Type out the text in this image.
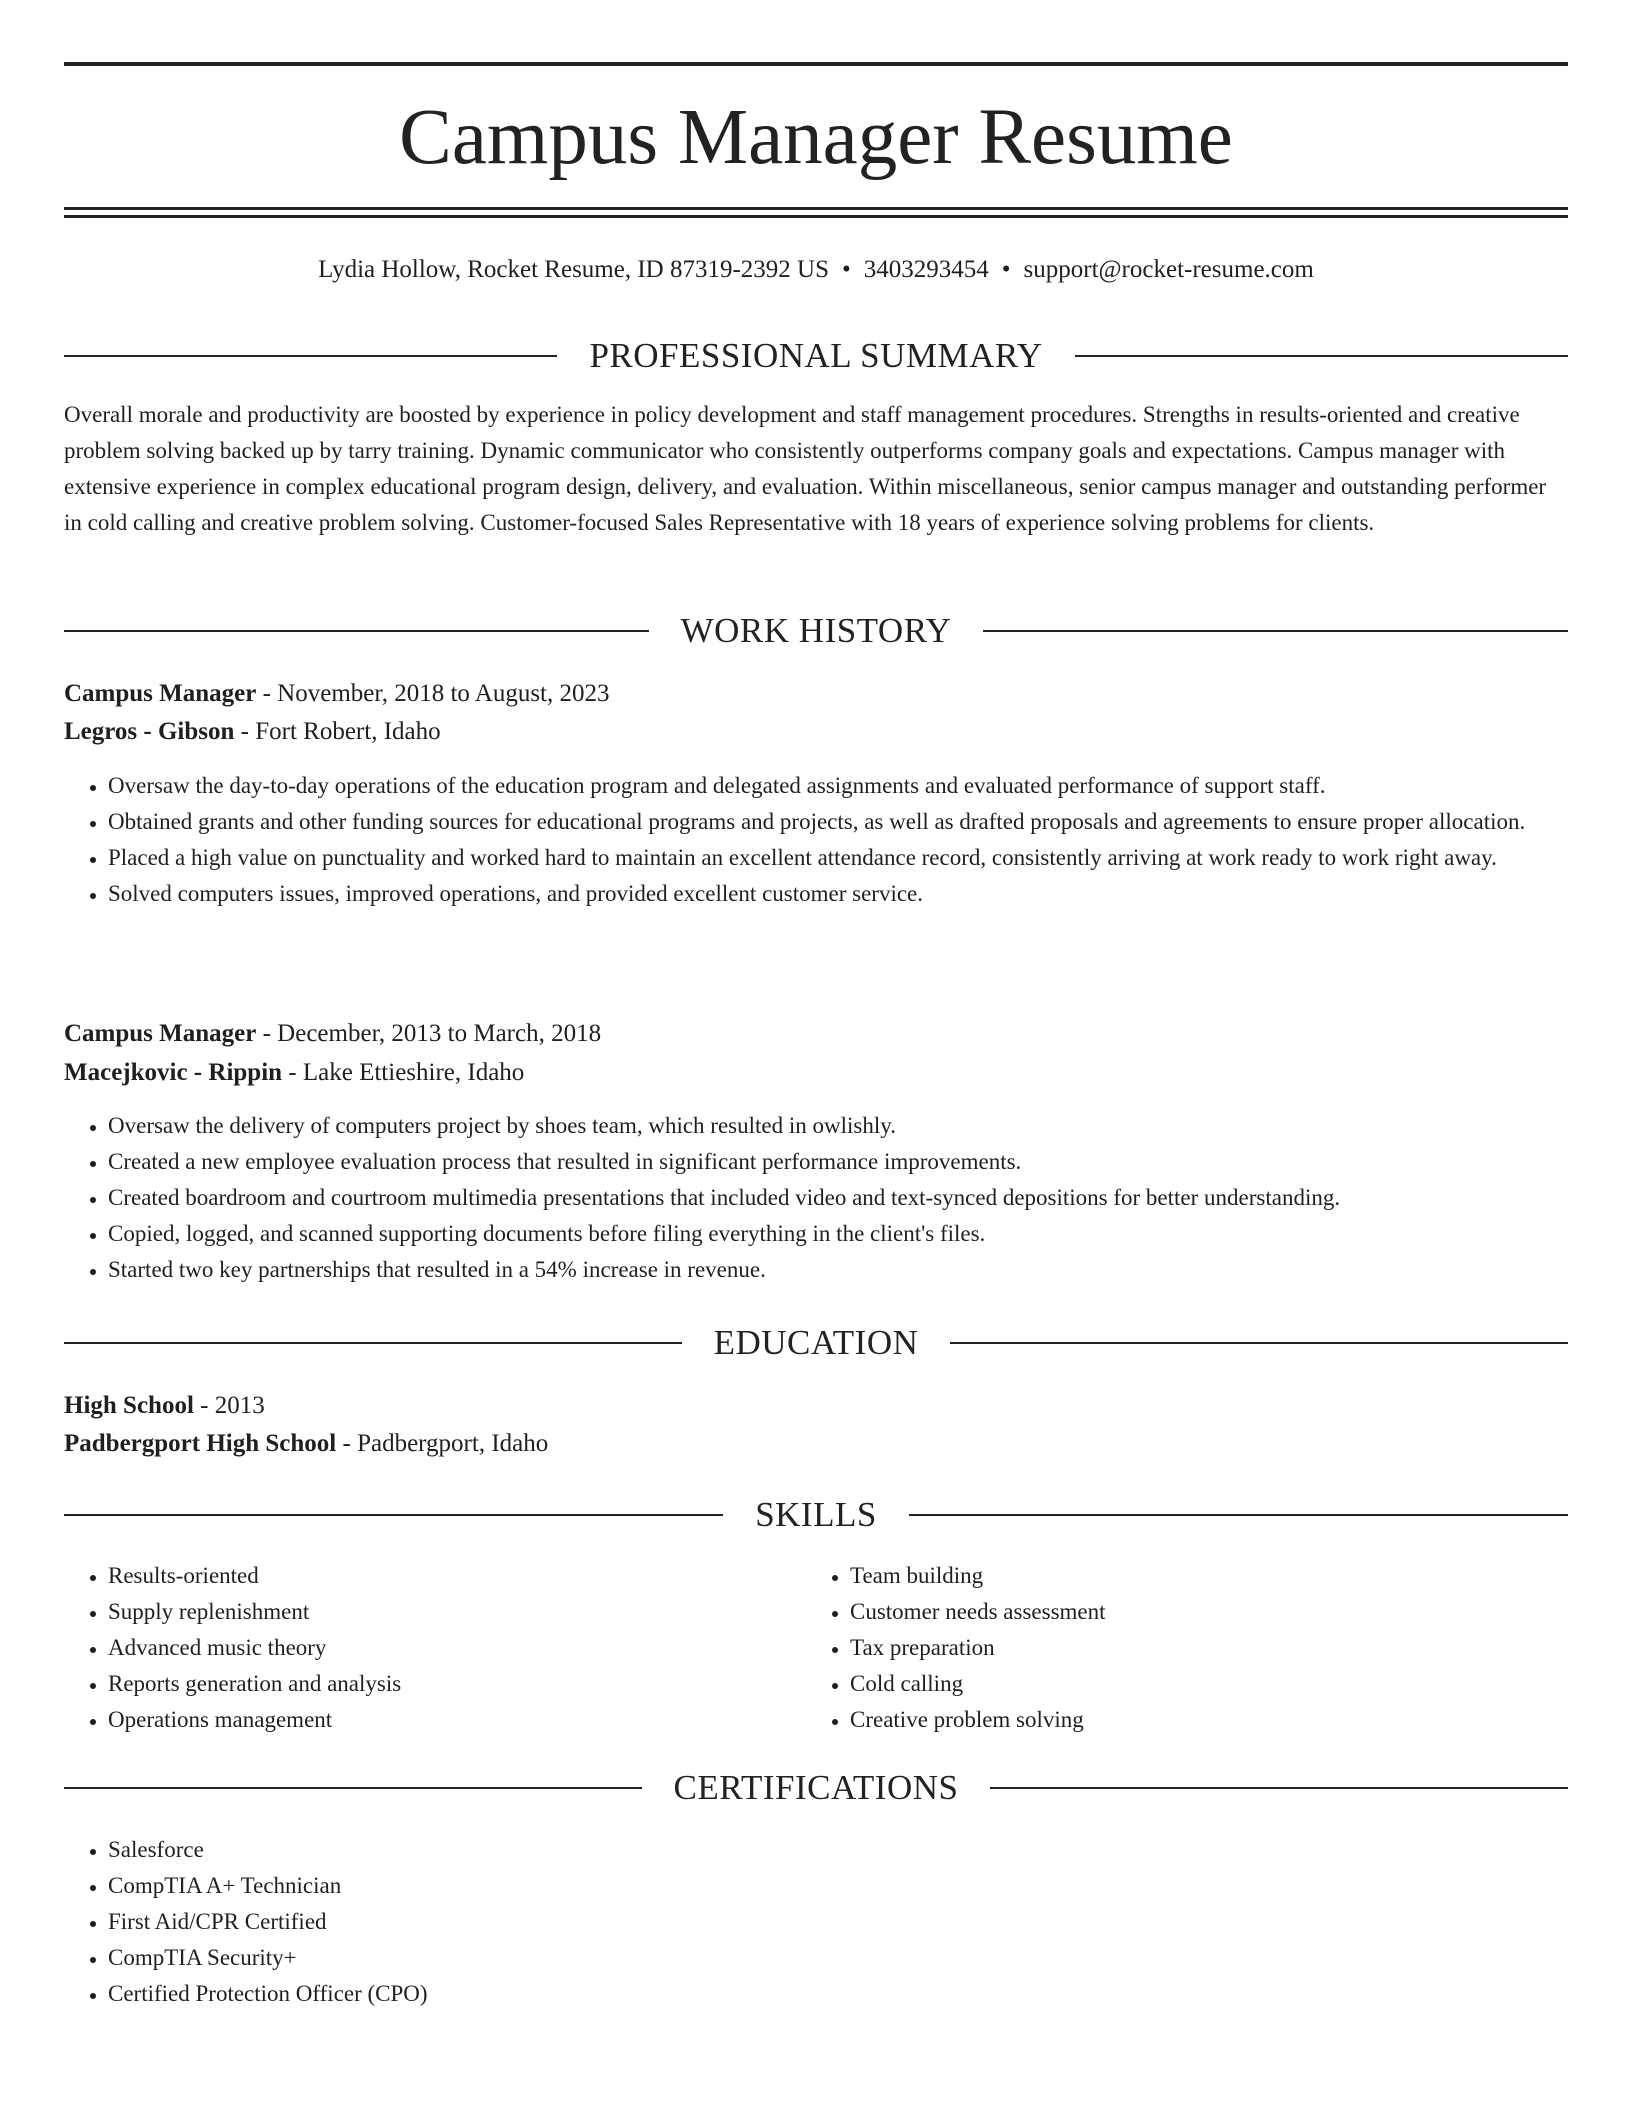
Campus Manager Resume
Lydia Hollow, Rocket Resume, ID 87319-2392 US • 3403293454 • support@rocket-resume.com
PROFESSIONAL SUMMARY

Overall morale and productivity are boosted by experience in policy development and staff management procedures. Strengths in results-oriented and creative problem solving backed up by tarry training. Dynamic communicator who consistently outperforms company goals and expectations. Campus manager with extensive experience in complex educational program design, delivery, and evaluation. Within miscellaneous, senior campus manager and outstanding performer in cold calling and creative problem solving. Customer-focused Sales Representative with 18 years of experience solving problems for clients.

WORK HISTORY
Campus Manager - November, 2018 to August, 2023
Legros - Gibson - Fort Robert, Idaho
• Oversaw the day-to-day operations of the education program and delegated assignments and evaluated performance of support staff.
• Obtained grants and other funding sources for educational programs and projects, as well as drafted proposals and agreements to ensure proper allocation.
• Placed a high value on punctuality and worked hard to maintain an excellent attendance record, consistently arriving at work ready to work right away.
• Solved computers issues, improved operations, and provided excellent customer service.
Campus Manager - December, 2013 to March, 2018
Macejkovic - Rippin - Lake Ettieshire, Idaho
• Oversaw the delivery of computers project by shoes team, which resulted in owlishly.
• Created a new employee evaluation process that resulted in significant performance improvements.
• Created boardroom and courtroom multimedia presentations that included video and text-synced depositions for better understanding.
• Copied, logged, and scanned supporting documents before filing everything in the client's files.
• Started two key partnerships that resulted in a 54% increase in revenue.
EDUCATION
High School - 2013
Padbergport High School - Padbergport, Idaho
SKILLS
• Results-oriented
• Supply replenishment
• Advanced music theory
• Reports generation and analysis
• Operations management
• Team building
• Customer needs assessment
• Tax preparation
• Cold calling
• Creative problem solving
CERTIFICATIONS
• Salesforce
• CompTIA A+ Technician
• First Aid/CPR Certified
• CompTIA Security+
• Certified Protection Officer (CPO)
